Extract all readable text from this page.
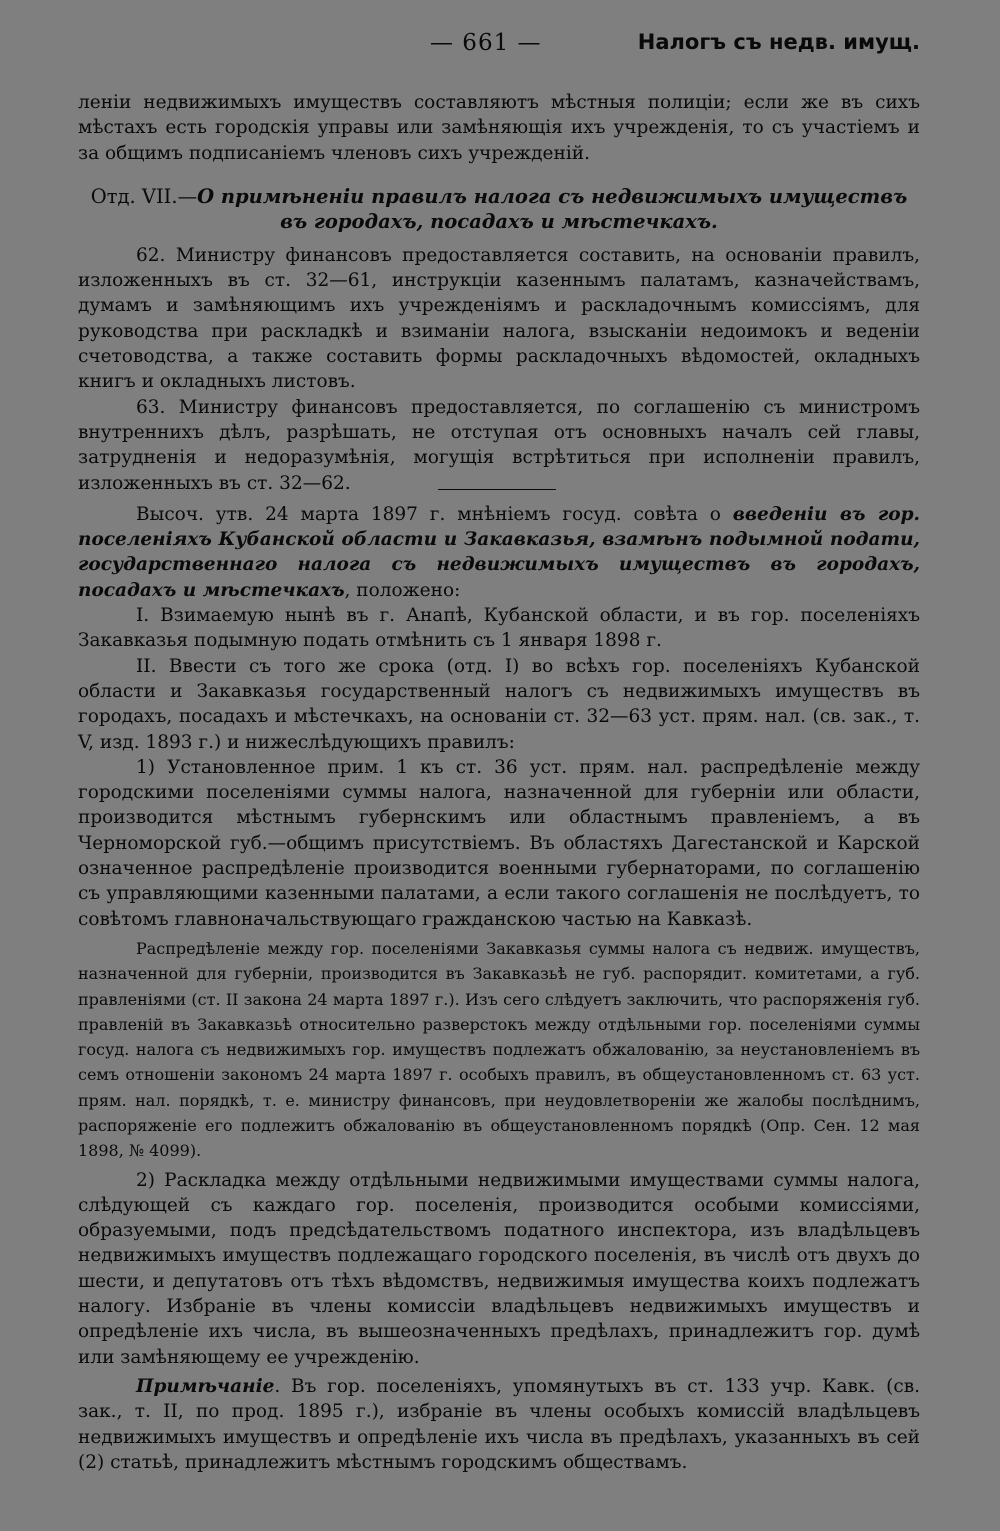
— 661 —	Налогъ съ недв. имущ.

леніи недвижимыхъ имуществъ составляютъ мѣстныя полиціи; если же въ сихъ мѣстахъ есть городскія управы или замѣняющія ихъ учрежденія, то съ участіемъ и за общимъ подписаніемъ членовъ сихъ учрежденій.

Отд. VII.—О примѣненіи правилъ налога съ недвижимыхъ имуществъ въ городахъ, посадахъ и мѣстечкахъ.

62. Министру финансовъ предоставляется составить, на основаніи правилъ, изложенныхъ въ ст. 32—61, инструкціи казеннымъ палатамъ, казначействамъ, думамъ и замѣняющимъ ихъ учрежденіямъ и раскладочнымъ комиссіямъ, для руководства при раскладкѣ и взиманіи налога, взысканіи недоимокъ и веденіи счетоводства, а также составить формы раскладочныхъ вѣдомостей, окладныхъ книгъ и окладныхъ листовъ.

63. Министру финансовъ предоставляется, по соглашенію съ министромъ внутреннихъ дѣлъ, разрѣшать, не отступая отъ основныхъ началъ сей главы, затрудненія и недоразумѣнія, могущія встрѣтиться при исполненіи правилъ, изложенныхъ въ ст. 32—62.

Высоч. утв. 24 марта 1897 г. мнѣніемъ госуд. совѣта о введеніи въ гор. поселеніяхъ Кубанской области и Закавказья, взамѣнъ подымной подати, государственнаго налога съ недвижимыхъ имуществъ въ городахъ, посадахъ и мѣстечкахъ, положено:

I. Взимаемую нынѣ въ г. Анапѣ, Кубанской области, и въ гор. поселеніяхъ Закавказья подымную подать отмѣнить съ 1 января 1898 г.

II. Ввести съ того же срока (отд. I) во всѣхъ гор. поселеніяхъ Кубанской области и Закавказья государственный налогъ съ недвижимыхъ имуществъ въ городахъ, посадахъ и мѣстечкахъ, на основаніи ст. 32—63 уст. прям. нал. (св. зак., т. V, изд. 1893 г.) и нижеслѣдующихъ правилъ:

1) Установленное прим. 1 къ ст. 36 уст. прям. нал. распредѣленіе между городскими поселеніями суммы налога, назначенной для губерніи или области, производится мѣстнымъ губернскимъ или областнымъ правленіемъ, а въ Черноморской губ.—общимъ присутствіемъ. Въ областяхъ Дагестанской и Карской означенное распредѣленіе производится военными губернаторами, по соглашенію съ управляющими казенными палатами, а если такого соглашенія не послѣдуетъ, то совѣтомъ главноначальствующаго гражданскою частью на Кавказѣ.

Распредѣленіе между гор. поселеніями Закавказья суммы налога съ недвиж. имуществъ, назначенной для губерніи, производится въ Закавказьѣ не губ. распорядит. комитетами, а губ. правленіями (ст. II закона 24 марта 1897 г.). Изъ сего слѣдуетъ заключить, что распоряженія губ. правленій въ Закавказьѣ относительно разверстокъ между отдѣльными гор. поселеніями суммы госуд. налога съ недвижимыхъ гор. имуществъ подлежатъ обжалованію, за неустановленіемъ въ семъ отношеніи закономъ 24 марта 1897 г. особыхъ правилъ, въ общеустановленномъ ст. 63 уст. прям. нал. порядкѣ, т. е. министру финансовъ, при неудовлетвореніи же жалобы послѣднимъ, распоряженіе его подлежитъ обжалованію въ общеустановленномъ порядкѣ (Опр. Сен. 12 мая 1898, № 4099).

2) Раскладка между отдѣльными недвижимыми имуществами суммы налога, слѣдующей съ каждаго гор. поселенія, производится особыми комиссіями, образуемыми, подъ предсѣдательствомъ податного инспектора, изъ владѣльцевъ недвижимыхъ имуществъ подлежащаго городского поселенія, въ числѣ отъ двухъ до шести, и депутатовъ отъ тѣхъ вѣдомствъ, недвижимыя имущества коихъ подлежатъ налогу. Избраніе въ члены комиссіи владѣльцевъ недвижимыхъ имуществъ и опредѣленіе ихъ числа, въ вышеозначенныхъ предѣлахъ, принадлежитъ гор. думѣ или замѣняющему ее учрежденію.

Примѣчаніе. Въ гор. поселеніяхъ, упомянутыхъ въ ст. 133 учр. Кавк. (св. зак., т. II, по прод. 1895 г.), избраніе въ члены особыхъ комиссій владѣльцевъ недвижимыхъ имуществъ и опредѣленіе ихъ числа въ предѣлахъ, указанныхъ въ сей (2) статьѣ, принадлежитъ мѣстнымъ городскимъ обществамъ.
